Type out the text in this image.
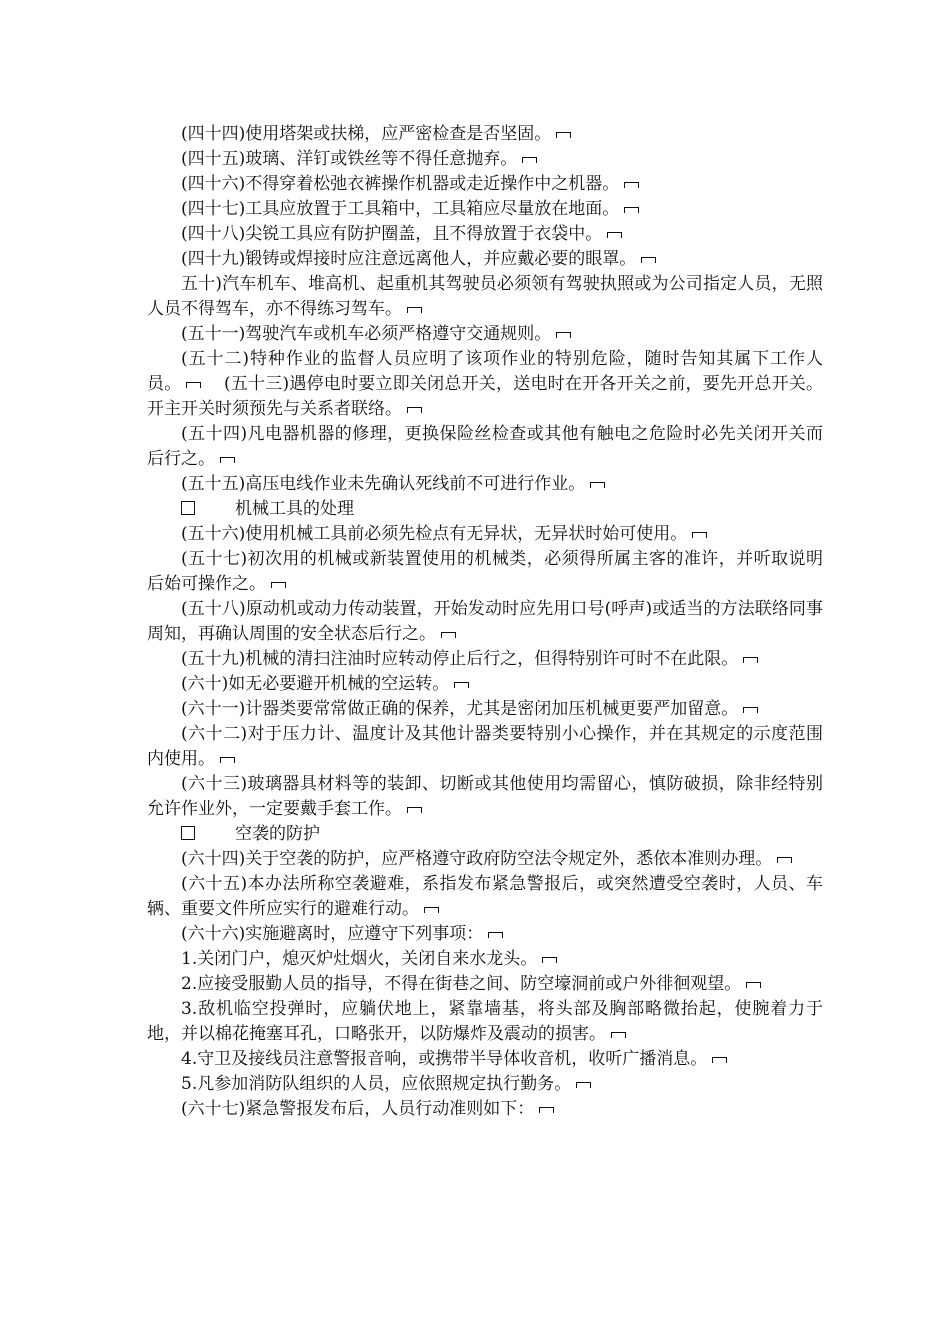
(四十四)使用塔架或扶梯，应严密检查是否坚固。

(四十五)玻璃、洋钉或铁丝等不得任意抛弃。

(四十六)不得穿着松弛衣裤操作机器或走近操作中之机器。

(四十七)工具应放置于工具箱中，工具箱应尽量放在地面。

(四十八)尖锐工具应有防护圈盖，且不得放置于衣袋中。

(四十九)锻铸或焊接时应注意远离他人，并应戴必要的眼罩。

五十)汽车机车、堆高机、起重机其驾驶员必须领有驾驶执照或为公司指定人员，无照人员不得驾车，亦不得练习驾车。

(五十一)驾驶汽车或机车必须严格遵守交通规则。

(五十二)特种作业的监督人员应明了该项作业的特别危险，随时告知其属下工作人员。	(五十三)遇停电时要立即关闭总开关，送电时在开各开关之前，要先开总开关。开主开关时须预先与关系者联络。

(五十四)凡电器机器的修理，更换保险丝检查或其他有触电之危险时必先关闭开关而后行之。

(五十五)高压电线作业未先确认死线前不可进行作业。

机械工具的处理

(五十六)使用机械工具前必须先检点有无异状，无异状时始可使用。

(五十七)初次用的机械或新装置使用的机械类，必须得所属主客的准许，并听取说明后始可操作之。

(五十八)原动机或动力传动装置，开始发动时应先用口号(呼声)或适当的方法联络同事周知，再确认周围的安全状态后行之。

(五十九)机械的清扫注油时应转动停止后行之，但得特别许可时不在此限。

(六十)如无必要避开机械的空运转。

(六十一)计器类要常常做正确的保养，尤其是密闭加压机械更要严加留意。

(六十二)对于压力计、温度计及其他计器类要特别小心操作，并在其规定的示度范围内使用。

(六十三)玻璃器具材料等的装卸、切断或其他使用均需留心，慎防破损，除非经特别允许作业外，一定要戴手套工作。

空袭的防护

(六十四)关于空袭的防护，应严格遵守政府防空法令规定外，悉依本准则办理。

(六十五)本办法所称空袭避难，系指发布紧急警报后，或突然遭受空袭时，人员、车辆、重要文件所应实行的避难行动。

(六十六)实施避离时，应遵守下列事项：

1.关闭门户，熄灭炉灶烟火，关闭自来水龙头。

2.应接受服勤人员的指导，不得在街巷之间、防空壕洞前或户外徘徊观望。

3.敌机临空投弹时，应躺伏地上，紧靠墙基，将头部及胸部略微抬起，使腕着力于地，并以棉花掩塞耳孔，口略张开，以防爆炸及震动的损害。

4.守卫及接线员注意警报音响，或携带半导体收音机，收听广播消息。

5.凡参加消防队组织的人员，应依照规定执行勤务。

(六十七)紧急警报发布后，人员行动准则如下：
